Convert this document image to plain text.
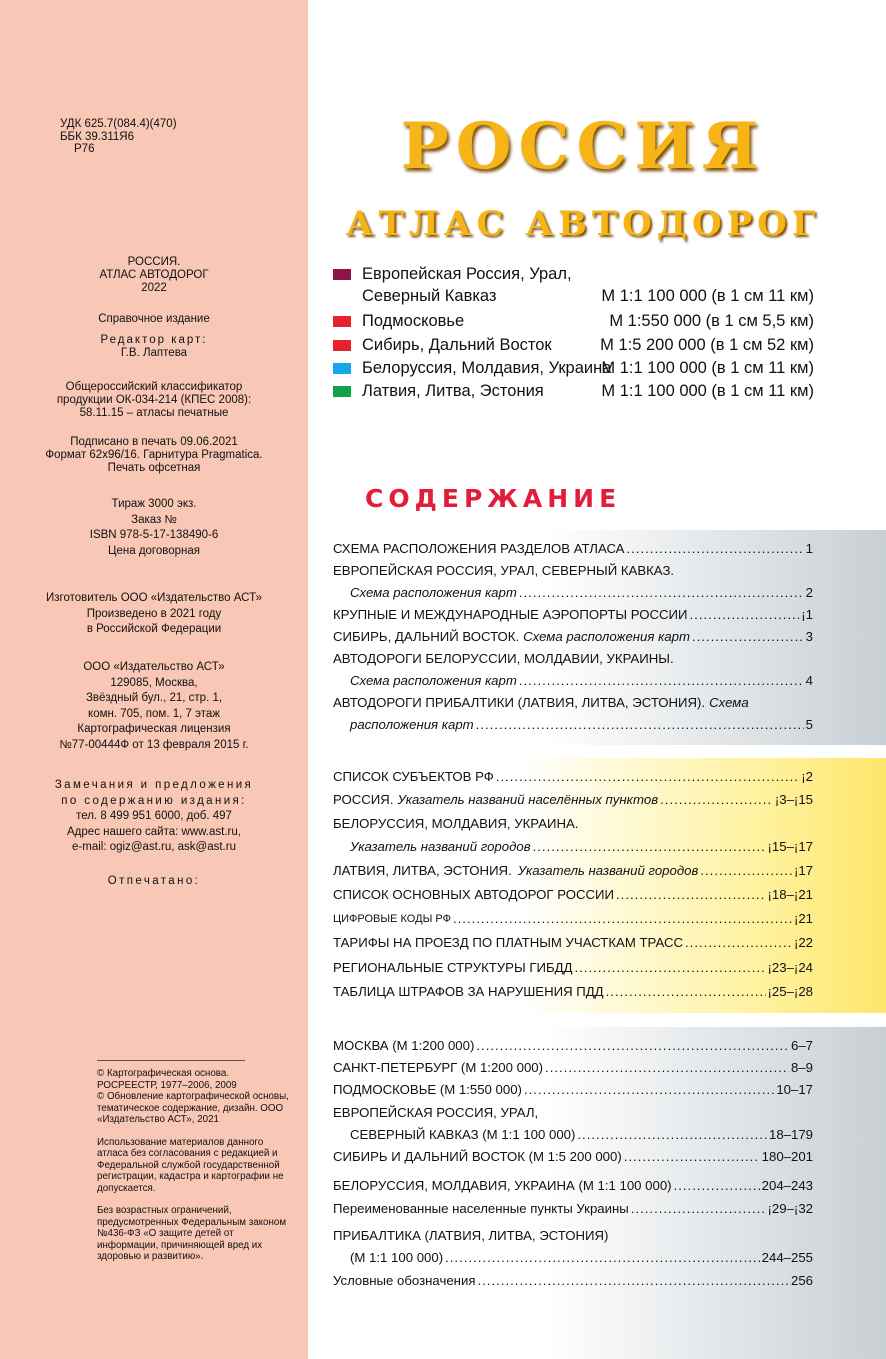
УДК 625.7(084.4)(470)
ББК 39.311Я6
Р76
РОССИЯ.
АТЛАС АВТОДОРОГ
2022
Справочное издание
Редактор карт:
Г.В. Лаптева
Общероссийский классификатор
продукции ОК-034-214 (КПЕС 2008):
58.11.15 – атласы печатные
Подписано в печать 09.06.2021
Формат 62х96/16. Гарнитура Pragmatica.
Печать офсетная
Тираж 3000 экз.
Заказ №
ISBN 978-5-17-138490-6
Цена договорная
Изготовитель ООО «Издательство АСТ»
Произведено в 2021 году
в Российской Федерации
ООО «Издательство АСТ»
129085, Москва,
Звёздный бул., 21, стр. 1,
комн. 705, пом. 1, 7 этаж
Картографическая лицензия
№77-00444Ф от 13 февраля 2015 г.
Замечания и предложения
по содержанию издания:
тел. 8 499 951 6000, доб. 497
Адрес нашего сайта: www.ast.ru,
e-mail: ogiz@ast.ru, ask@ast.ru
Отпечатано:

© Картографическая основа.
РОСРЕЕСТР, 1977–2006, 2009
© Обновление картографической основы, тематическое содержание, дизайн. ООО «Издательство АСТ», 2021

Использование материалов данного атласа без согласования с редакцией и Федеральной службой государственной регистрации, кадастра и картографии не допускается.

Без возрастных ограничений, предусмотренных Федеральным законом №436-ФЗ «О защите детей от информации, причиняющей вред их здоровью и развитию».

РОССИЯ
АТЛАС АВТОДОРОГ
Европейская Россия, Урал,
Северный Кавказ	М 1:1 100 000 (в 1 см 11 км)
Подмосковье	М 1:550 000 (в 1 см 5,5 км)
Сибирь, Дальний Восток	М 1:5 200 000 (в 1 см 52 км)
Белоруссия, Молдавия, Украина
М 1:1 100 000 (в 1 см 11 км)
Латвия, Литва, Эстония	М 1:1 100 000 (в 1 см 11 км)
СОДЕРЖАНИЕ
СХЕМА РАСПОЛОЖЕНИЯ РАЗДЕЛОВ АТЛАСА .....	1
ЕВРОПЕЙСКАЯ РОССИЯ, УРАЛ, СЕВЕРНЫЙ КАВКАЗ.
Схема расположения карт .....	2
КРУПНЫЕ И МЕЖДУНАРОДНЫЕ АЭРОПОРТЫ РОССИИ .....	¡1
СИБИРЬ, ДАЛЬНИЙ ВОСТОК. Схема расположения карт .....	3
АВТОДОРОГИ БЕЛОРУССИИ, МОЛДАВИИ, УКРАИНЫ.
Схема расположения карт .....	4
АВТОДОРОГИ ПРИБАЛТИКИ (ЛАТВИЯ, ЛИТВА, ЭСТОНИЯ). Схема
расположения карт .....	5
СПИСОК СУБЪЕКТОВ РФ .....	¡2
РОССИЯ. Указатель названий населённых пунктов .....	¡3–¡15
БЕЛОРУССИЯ, МОЛДАВИЯ, УКРАИНА.
Указатель названий городов .....	¡15–¡17
ЛАТВИЯ, ЛИТВА, ЭСТОНИЯ. Указатель названий городов .....	¡17
СПИСОК ОСНОВНЫХ АВТОДОРОГ РОССИИ .....	¡18–¡21
ЦИФРОВЫЕ КОДЫ РФ .....	¡21
ТАРИФЫ НА ПРОЕЗД ПО ПЛАТНЫМ УЧАСТКАМ ТРАСС .....	¡22
РЕГИОНАЛЬНЫЕ СТРУКТУРЫ ГИБДД .....	¡23–¡24
ТАБЛИЦА ШТРАФОВ ЗА НАРУШЕНИЯ ПДД .....	¡25–¡28
МОСКВА (М 1:200 000) .....	6–7
САНКТ-ПЕТЕРБУРГ (М 1:200 000) .....	8–9
ПОДМОСКОВЬЕ (М 1:550 000) .....	10–17
ЕВРОПЕЙСКАЯ РОССИЯ, УРАЛ,
СЕВЕРНЫЙ КАВКАЗ (М 1:1 100 000) .....	18–179
СИБИРЬ И ДАЛЬНИЙ ВОСТОК (М 1:5 200 000) .....	180–201
БЕЛОРУССИЯ, МОЛДАВИЯ, УКРАИНА (М 1:1 100 000) .....	204–243
Переименованные населенные пункты Украины .....	¡29–¡32
ПРИБАЛТИКА (ЛАТВИЯ, ЛИТВА, ЭСТОНИЯ)
(М 1:1 100 000) .....	244–255
Условные обозначения .....	256
